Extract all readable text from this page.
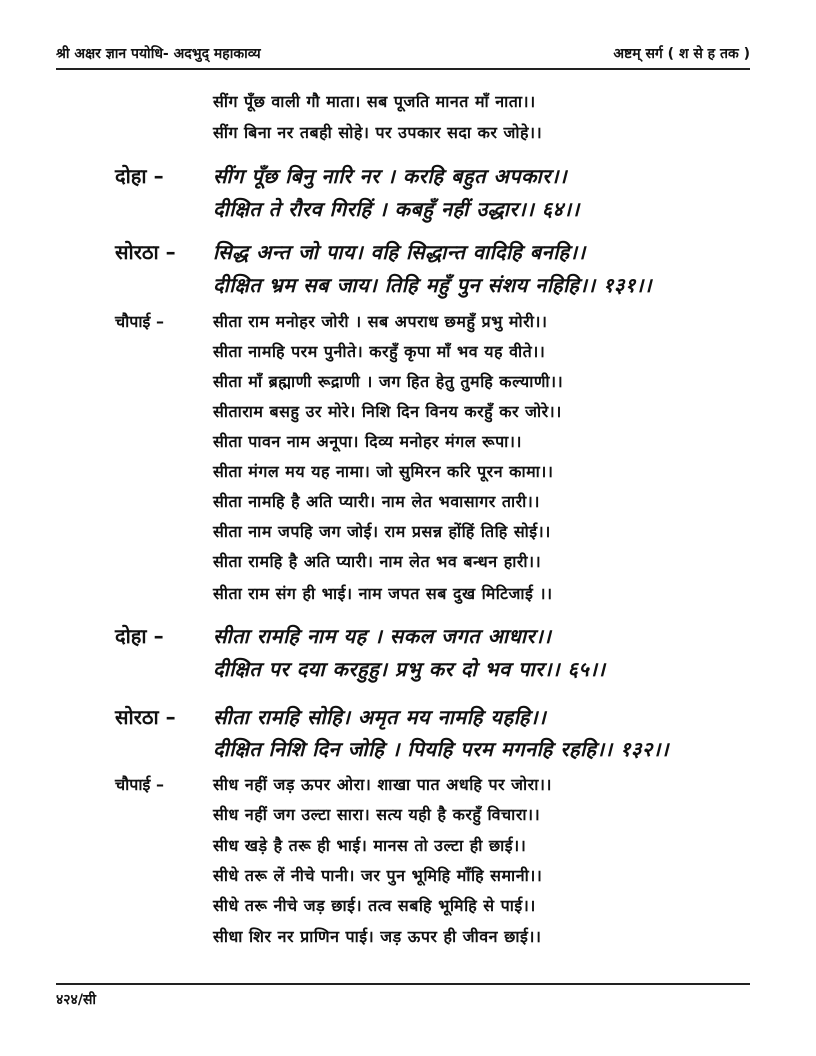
श्री अक्षर ज्ञान पयोधि- अदभुद् महाकाव्य	अष्टम् सर्ग ( श से ह तक )
सींग पूँछ वाली गौ माता। सब पूजति मानत माँ नाता।।
सींग बिना नर तबही सोहे। पर उपकार सदा कर जोहे।।
दोहा – सींग पूँछ बिनु नारि नर । करहि बहुत अपकार।।
दीक्षित ते रौरव गिरहिं । कबहुँ नहीं उद्धार।। ६४।।
सोरठा – सिद्ध अन्त जो पाय। वहि सिद्धान्त वादिहि बनहि।।
दीक्षित भ्रम सब जाय। तिहि महुँ पुन संशय नहिहि।। १३१।।
चौपाई –	सीता राम मनोहर जोरी । सब अपराध छमहुँ प्रभु मोरी।।
सीता नामहि परम पुनीते। करहुँ कृपा माँ भव यह वीते।।
सीता माँ ब्रह्माणी रूद्राणी । जग हित हेतु तुमहि कल्याणी।।
सीताराम बसहु उर मोरे। निशि दिन विनय करहुँ कर जोरे।।
सीता पावन नाम अनूपा। दिव्य मनोहर मंगल रूपा।।
सीता मंगल मय यह नामा। जो सुमिरन करि पूरन कामा।।
सीता नामहि है अति प्यारी। नाम लेत भवासागर तारी।।
सीता नाम जपहि जग जोई। राम प्रसन्न होंहिं तिहि सोई।।
सीता रामहि है अति प्यारी। नाम लेत भव बन्धन हारी।।
सीता राम संग ही भाई। नाम जपत सब दुख मिटिजाई ।।
दोहा – सीता रामहि नाम यह । सकल जगत आधार।।
दीक्षित पर दया करहुहु। प्रभु कर दो भव पार।। ६५।।
सोरठा – सीता रामहि सोहि। अमृत मय नामहि यहहि।।
दीक्षित निशि दिन जोहि । पियहि परम मगनहि रहहि।। १३२।।
चौपाई –	सीध नहीं जड़ ऊपर ओरा। शाखा पात अधहि पर जोरा।।
सीध नहीं जग उल्टा सारा। सत्य यही है करहुँ विचारा।।
सीध खड़े है तरू ही भाई। मानस तो उल्टा ही छाई।।
सीधे तरू लें नीचे पानी। जर पुन भूमिहि माँहि समानी।।
सीधे तरू नीचे जड़ छाई। तत्व सबहि भूमिहि से पाई।।
सीधा शिर नर प्राणिन पाई। जड़ ऊपर ही जीवन छाई।।
४२४/सी
